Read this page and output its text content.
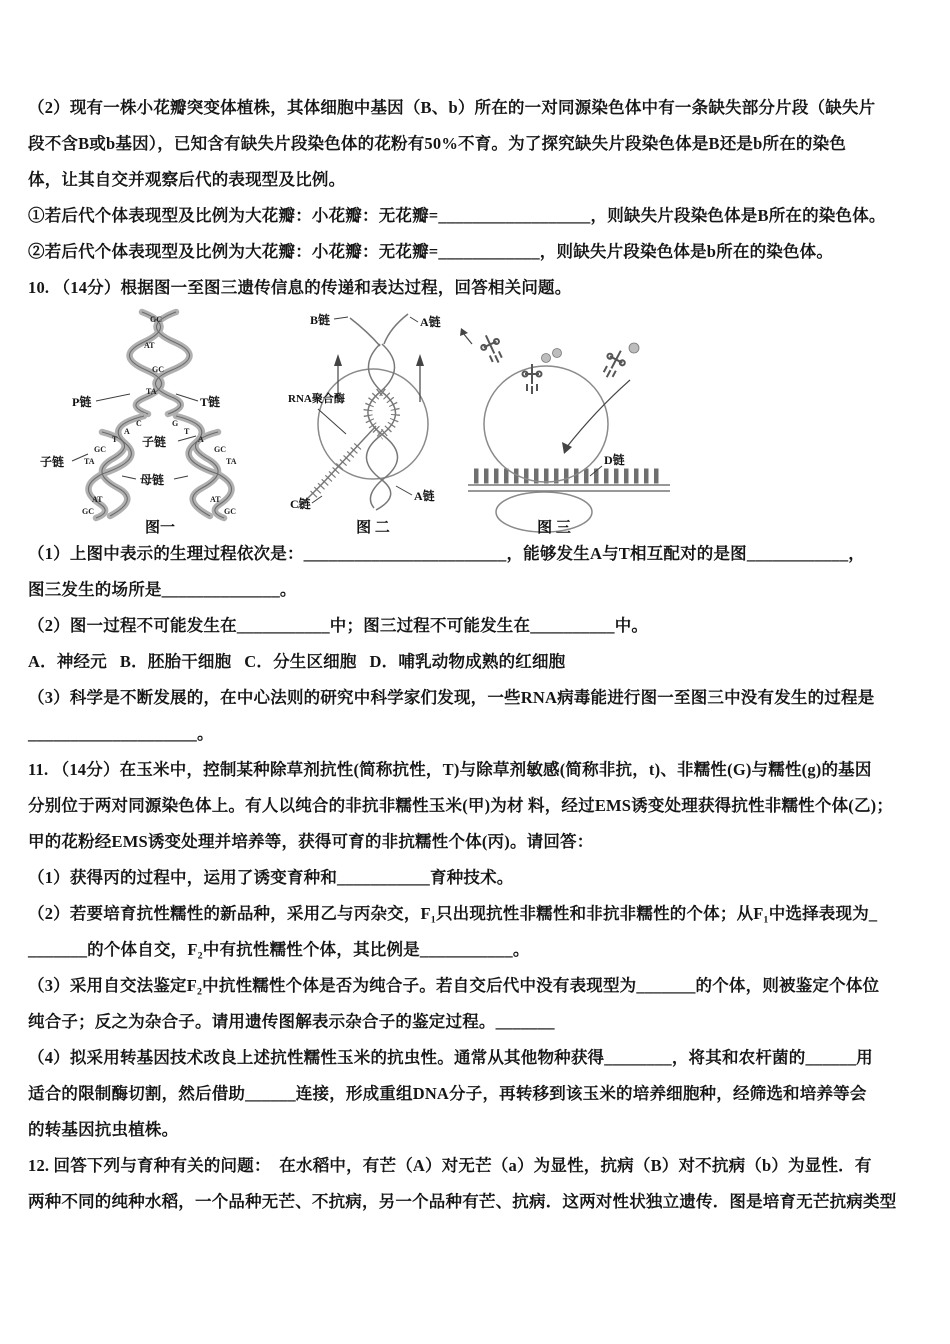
（2）现有一株小花瓣突变体植株，其体细胞中基因（B、b）所在的一对同源染色体中有一条缺失部分片段（缺失片

段不含B或b基因），已知含有缺失片段染色体的花粉有50%不育。为了探究缺失片段染色体是B还是b所在的染色

体，让其自交并观察后代的表现型及比例。

①若后代个体表现型及比例为大花瓣：小花瓣：无花瓣=__________________，则缺失片段染色体是B所在的染色体。

②若后代个体表现型及比例为大花瓣：小花瓣：无花瓣=____________，则缺失片段染色体是b所在的染色体。

10. （14分）根据图一至图三遗传信息的传递和表达过程，回答相关问题。

GC
AT
GC
TA
C
A
G
T
T	A
GC
TA
GC
TA
AT
GC
AT
GC
P链	T链
子链
子链
母链
图一
B链	A链
RNA聚合酶
C链
A链
图 二
D链
图 三

（1）上图中表示的生理过程依次是：________________________，能够发生A与T相互配对的是图____________，

图三发生的场所是______________。

（2）图一过程不可能发生在___________中；图三过程不可能发生在__________中。

A．神经元   B．胚胎干细胞   C．分生区细胞   D．哺乳动物成熟的红细胞

（3）科学是不断发展的，在中心法则的研究中科学家们发现，一些RNA病毒能进行图一至图三中没有发生的过程是

____________________。

11. （14分）在玉米中，控制某种除草剂抗性(简称抗性，T)与除草剂敏感(简称非抗，t)、非糯性(G)与糯性(g)的基因

分别位于两对同源染色体上。有人以纯合的非抗非糯性玉米(甲)为材 料，经过EMS诱变处理获得抗性非糯性个体(乙)；

甲的花粉经EMS诱变处理并培养等，获得可育的非抗糯性个体(丙)。请回答：

（1）获得丙的过程中，运用了诱变育种和___________育种技术。

（2）若要培育抗性糯性的新品种，采用乙与丙杂交，F₁只出现抗性非糯性和非抗非糯性的个体；从F₁中选择表现为_

_______的个体自交，F₂中有抗性糯性个体，其比例是___________。

（3）采用自交法鉴定F₂中抗性糯性个体是否为纯合子。若自交后代中没有表现型为_______的个体，则被鉴定个体位

纯合子；反之为杂合子。请用遗传图解表示杂合子的鉴定过程。_______

（4）拟采用转基因技术改良上述抗性糯性玉米的抗虫性。通常从其他物种获得________，将其和农杆菌的______用

适合的限制酶切割，然后借助______连接，形成重组DNA分子，再转移到该玉米的培养细胞种，经筛选和培养等会

的转基因抗虫植株。

12. 回答下列与育种有关的问题：  在水稻中，有芒（A）对无芒（a）为显性，抗病（B）对不抗病（b）为显性．有

两种不同的纯种水稻，一个品种无芒、不抗病，另一个品种有芒、抗病．这两对性状独立遗传．图是培育无芒抗病类型
